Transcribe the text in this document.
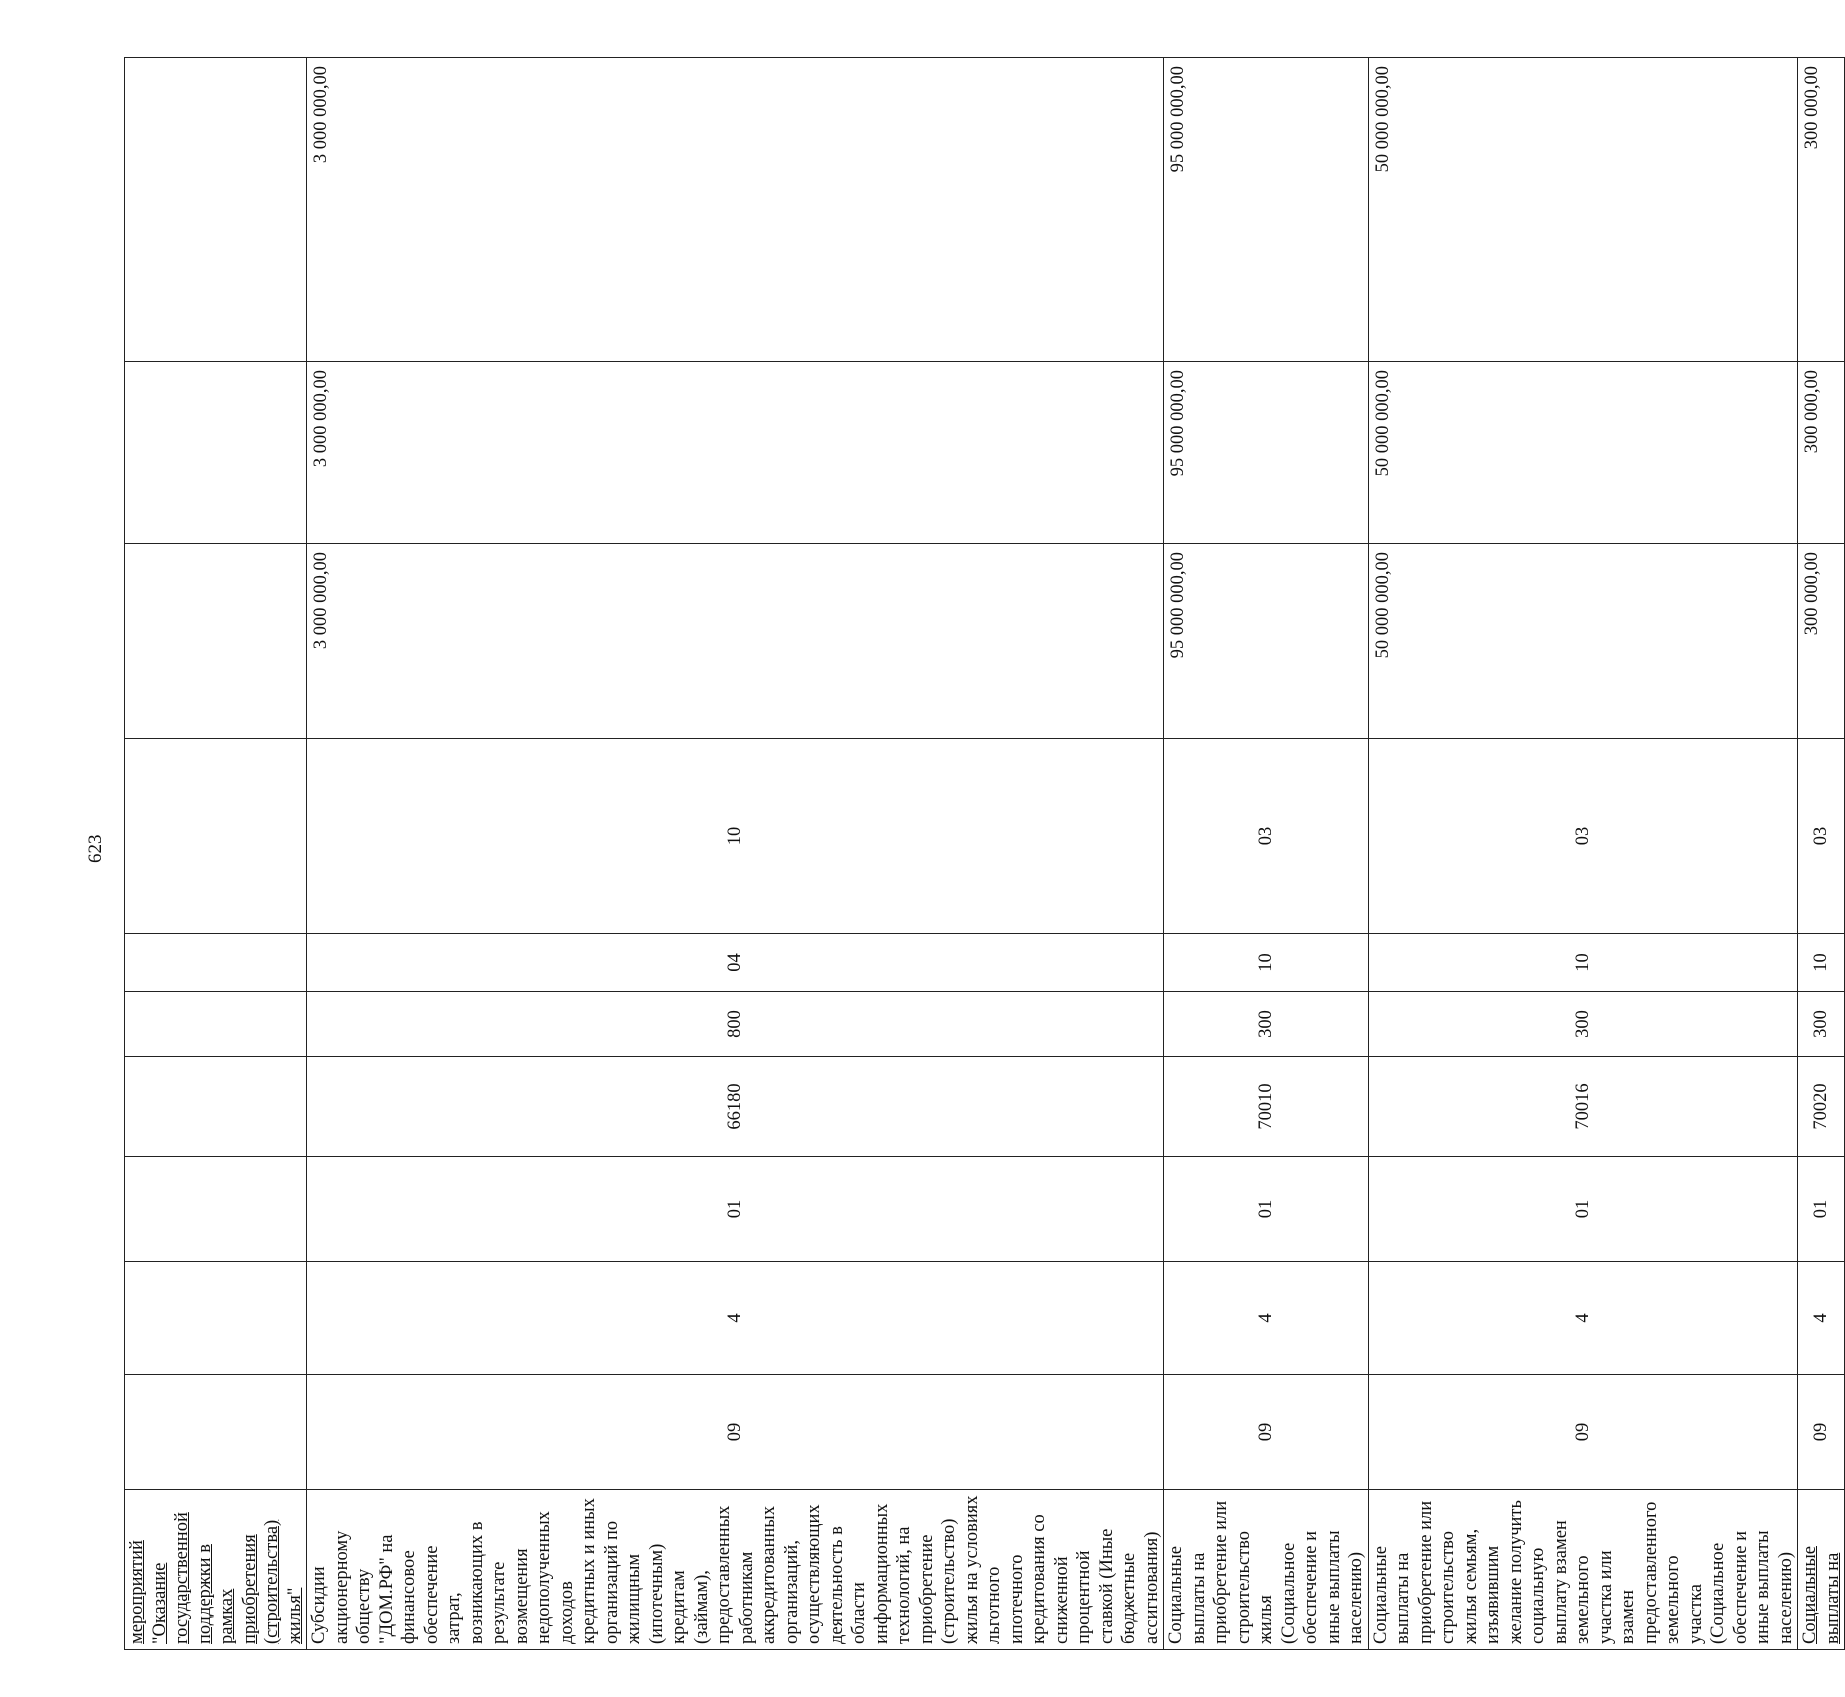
623
мероприятий "Оказание государственной поддержки в рамках приобретения (строительства) жилья"										
Субсидии акционерному обществу "ДОМ.РФ" на финансовое обеспечение затрат, возникающих в результате возмещения недополученных доходов кредитных и иных организаций по жилищным (ипотечным) кредитам (займам), предоставленных работникам аккредитованных организаций, осуществляющих деятельность в области информационных технологий, на приобретение (строительство) жилья на условиях льготного ипотечного кредитования со сниженной процентной ставкой (Иные бюджетные ассигнования)	09	4	01	66180	800	04	10	3 000 000,00	3 000 000,00	3 000 000,00
Социальные выплаты на приобретение или строительство жилья (Социальное обеспечение и иные выплаты населению)	09	4	01	70010	300	10	03	95 000 000,00	95 000 000,00	95 000 000,00
Социальные выплаты на приобретение или строительство жилья семьям, изъявившим желание получить социальную выплату взамен земельного участка или взамен предоставленного земельного участка (Социальное обеспечение и иные выплаты населению)	09	4	01	70016	300	10	03	50 000 000,00	50 000 000,00	50 000 000,00
Социальные выплаты на	09	4	01	70020	300	10	03	300 000,00	300 000,00	300 000,00
